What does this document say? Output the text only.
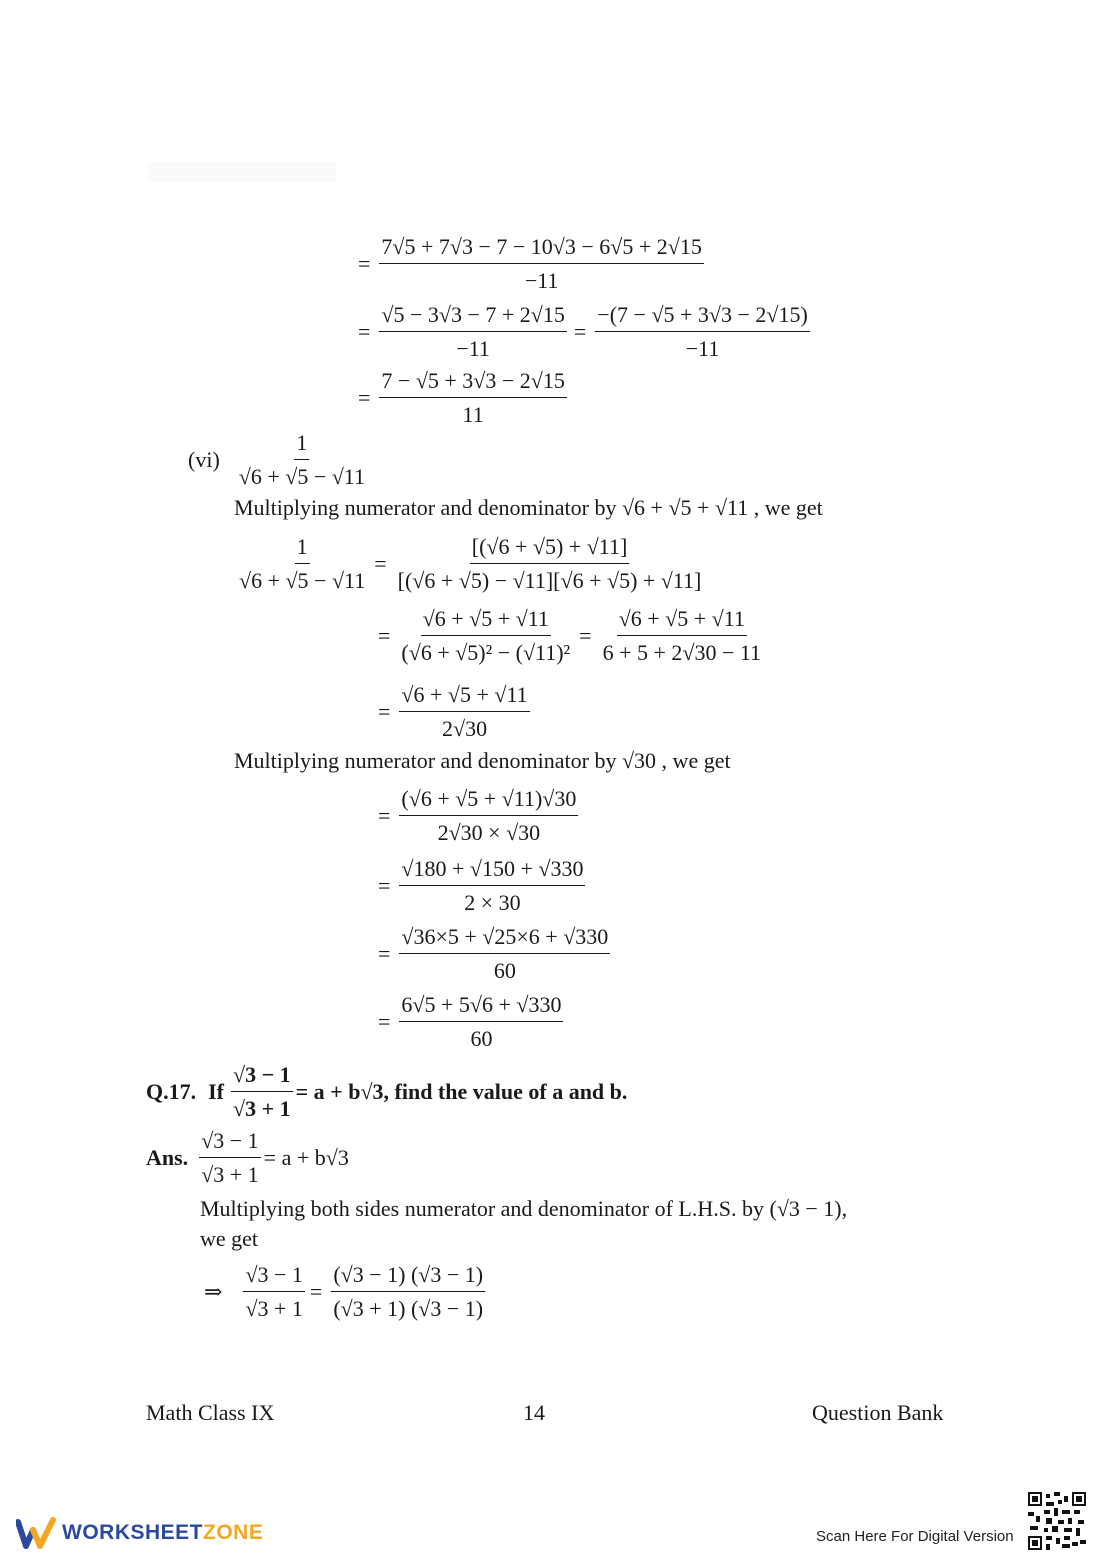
= $\frac{7√5 + 7√3 - 7 - 10√3 - 6√5 + 2√15}{-11}$
= $\frac{√5 - 3√3 - 7 + 2√15}{-11} = \frac{-(7 - √5 + 3√3 - 2√15)}{-11}$
= $\frac{7 - √5 + 3√3 - 2√15}{11}$
$(vi) \frac{1}{√6 + √5 - √11}$
Multiplying numerator and denominator by √6 + √5 + √11 , we get
$\frac{1}{√6 + √5 - √11} = \frac{[(√6 + √5) + √11]}{[(√6 + √5) - √11][√6 + √5) + √11]}$
= $\frac{√6 + √5 + √11}{\text{(√6 + √5)² − (√11)²}} = \frac{√6 + √5 + √11}{6 + 5 + 2√30 - 11}$
= $\frac{√6 + √5 + √11}{2√30}$
Multiplying numerator and denominator by √30 , we get
= $\frac{(√6 + √5 + √11)√30}{2√30 \times √30}$
= $\frac{√180 + √150 + √330}{2 \times 30}$
= $\frac{√36\times 5 + √25\times 6 + √330}{60}$
= $\frac{6√5 + 5√6 + √330}{60}$
Q.17. If $\frac{√3 - 1}{√3 + 1} = a + b√3$, find the value of a and b.
Ans. $\frac{√3 - 1}{√3 + 1} = a + b√3$
Multiplying both sides numerator and denominator of L.H.S. by (√3 − 1),
we get
⇒ $\frac{√3 - 1}{√3 + 1} = \frac{(√3 - 1) (√3 - 1)}{(√3 + 1) (√3 - 1)}$
Math Class IX	14	Question Bank
WORKSHEETZONE	Scan Here For Digital Version
